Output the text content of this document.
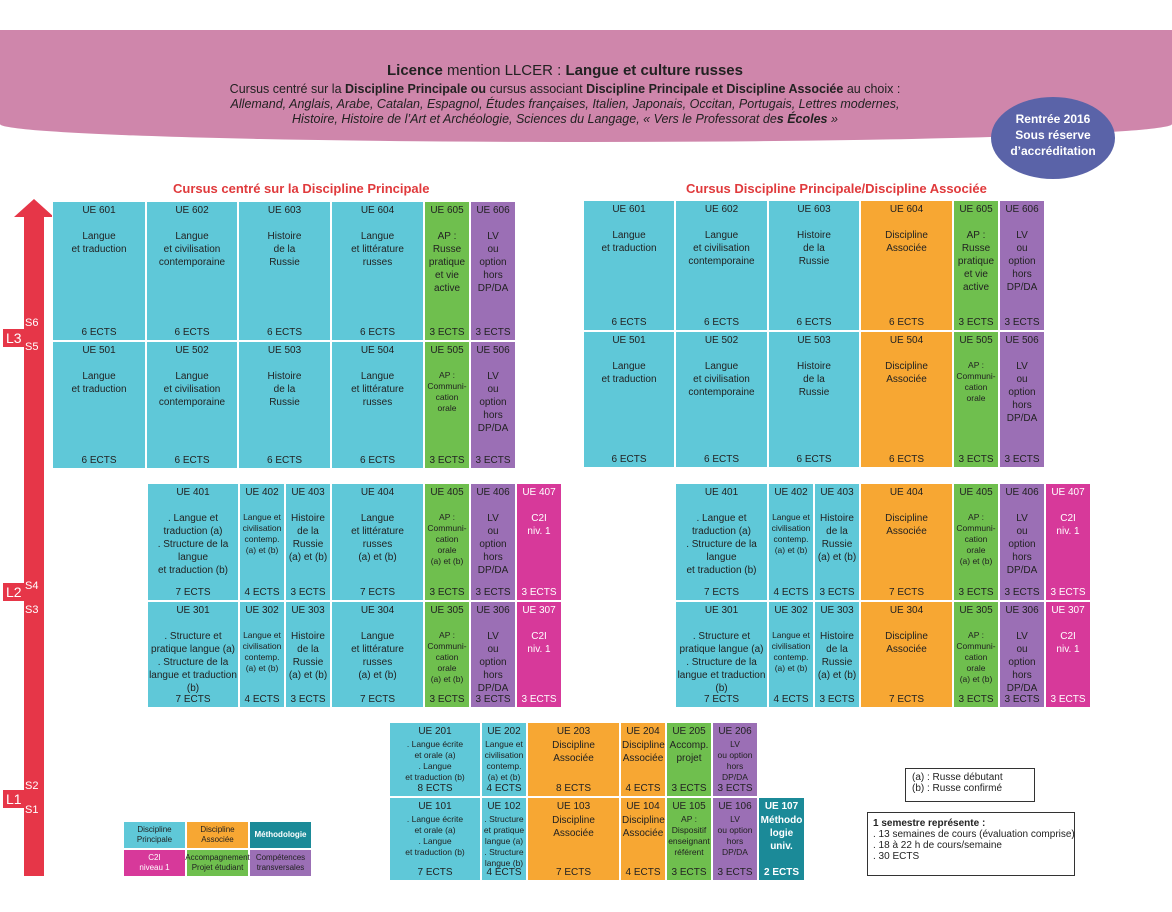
Licence mention LLCER : Langue et culture russes
Cursus centré sur la Discipline Principale ou cursus associant Discipline Principale et Discipline Associée au choix :
Allemand, Anglais, Arabe, Catalan, Espagnol, Études françaises, Italien, Japonais, Occitan, Portugais, Lettres modernes,
Histoire, Histoire de l’Art et Archéologie, Sciences du Langage, « Vers le Professorat des Écoles »	Rentrée 2016
Sous réserve
d’accréditation
Cursus centré sur la Discipline Principale	Cursus Discipline Principale/Discipline Associée
L3
L2
L1
S6
S5
S4
S3
S2
S1
UE 601
Langue
et traduction
6 ECTS
UE 602
Langue
et civilisation
contemporaine
6 ECTS
UE 603
Histoire
de la
Russie
6 ECTS
UE 604
Langue
et littérature
russes
6 ECTS
UE 605
AP :
Russe
pratique
et vie
active
3 ECTS
UE 606
LV
ou
option
hors
DP/DA
3 ECTS
UE 501
Langue
et traduction
6 ECTS
UE 502
Langue
et civilisation
contemporaine
6 ECTS
UE 503
Histoire
de la
Russie
6 ECTS
UE 504
Langue
et littérature
russes
6 ECTS
UE 505
AP :
Communi-
cation
orale
3 ECTS
UE 506
LV
ou
option
hors
DP/DA
3 ECTS
UE 601
Langue
et traduction
6 ECTS
UE 602
Langue
et civilisation
contemporaine
6 ECTS
UE 603
Histoire
de la
Russie
6 ECTS
UE 604
Discipline
Associée
6 ECTS
UE 605
AP :
Russe
pratique
et vie
active
3 ECTS
UE 606
LV
ou
option
hors
DP/DA
3 ECTS
UE 501
Langue
et traduction
6 ECTS
UE 502
Langue
et civilisation
contemporaine
6 ECTS
UE 503
Histoire
de la
Russie
6 ECTS
UE 504
Discipline
Associée
6 ECTS
UE 505
AP :
Communi-
cation
orale
3 ECTS
UE 506
LV
ou
option
hors
DP/DA
3 ECTS
UE 401
. Langue et
traduction (a)
. Structure de la
langue
et traduction (b)
7 ECTS
UE 402
Langue et
civilisation
contemp.
(a) et (b)
4 ECTS
UE 403
Histoire
de la
Russie
(a) et (b)
3 ECTS
UE 404
Langue
et littérature
russes
(a) et (b)
7 ECTS
UE 405
AP :
Communi-
cation
orale
(a) et (b)
3 ECTS
UE 406
LV
ou
option
hors
DP/DA
3 ECTS
UE 407
C2I
niv. 1
3 ECTS
UE 301
. Structure et
pratique langue (a)
. Structure de la
langue et traduction
(b)
7 ECTS
UE 302
Langue et
civilisation
contemp.
(a) et (b)
4 ECTS
UE 303
Histoire
de la
Russie
(a) et (b)
3 ECTS
UE 304
Langue
et littérature
russes
(a) et (b)
7 ECTS
UE 305
AP :
Communi-
cation
orale
(a) et (b)
3 ECTS
UE 306
LV
ou
option
hors
DP/DA
3 ECTS
UE 307
C2I
niv. 1
3 ECTS
UE 401
. Langue et
traduction (a)
. Structure de la
langue
et traduction (b)
7 ECTS
UE 402
Langue et
civilisation
contemp.
(a) et (b)
4 ECTS
UE 403
Histoire
de la
Russie
(a) et (b)
3 ECTS
UE 404
Discipline
Associée
7 ECTS
UE 405
AP :
Communi-
cation
orale
(a) et (b)
3 ECTS
UE 406
LV
ou
option
hors
DP/DA
3 ECTS
UE 407
C2I
niv. 1
3 ECTS
UE 301
. Structure et
pratique langue (a)
. Structure de la
langue et traduction
(b)
7 ECTS
UE 302
Langue et
civilisation
contemp.
(a) et (b)
4 ECTS
UE 303
Histoire
de la
Russie
(a) et (b)
3 ECTS
UE 304
Discipline
Associée
7 ECTS
UE 305
AP :
Communi-
cation
orale
(a) et (b)
3 ECTS
UE 306
LV
ou
option
hors
DP/DA
3 ECTS
UE 307
C2I
niv. 1
3 ECTS
UE 201
. Langue écrite
et orale (a)
. Langue
et traduction (b)
8 ECTS
UE 202
Langue et
civilisation
contemp.
(a) et (b)
4 ECTS
UE 203
Discipline
Associée
8 ECTS
UE 204
Discipline
Associée
4 ECTS
UE 205
Accomp.
projet
3 ECTS
UE 206
LV
ou option
hors DP/DA
3 ECTS
UE 101
. Langue écrite
et orale (a)
. Langue
et traduction (b)
7 ECTS
UE 102
. Structure
et pratique
langue (a)
. Structure
langue (b)
4 ECTS
UE 103
Discipline
Associée
7 ECTS
UE 104
Discipline
Associée
4 ECTS
UE 105
AP :
Dispositif
enseignant
référent
3 ECTS
UE 106
LV
ou option
hors DP/DA
3 ECTS
UE 107
Méthodo
logie
univ.
2 ECTS
Discipline
Principale
Discipline
Associée
Méthodologie
C2I
niveau 1
Accompagnement
Projet étudiant
Compétences
transversales
(a) : Russe débutant
(b) : Russe confirmé
1 semestre représente :
. 13 semaines de cours (évaluation comprise)
. 18 à 22 h de cours/semaine
. 30 ECTS
